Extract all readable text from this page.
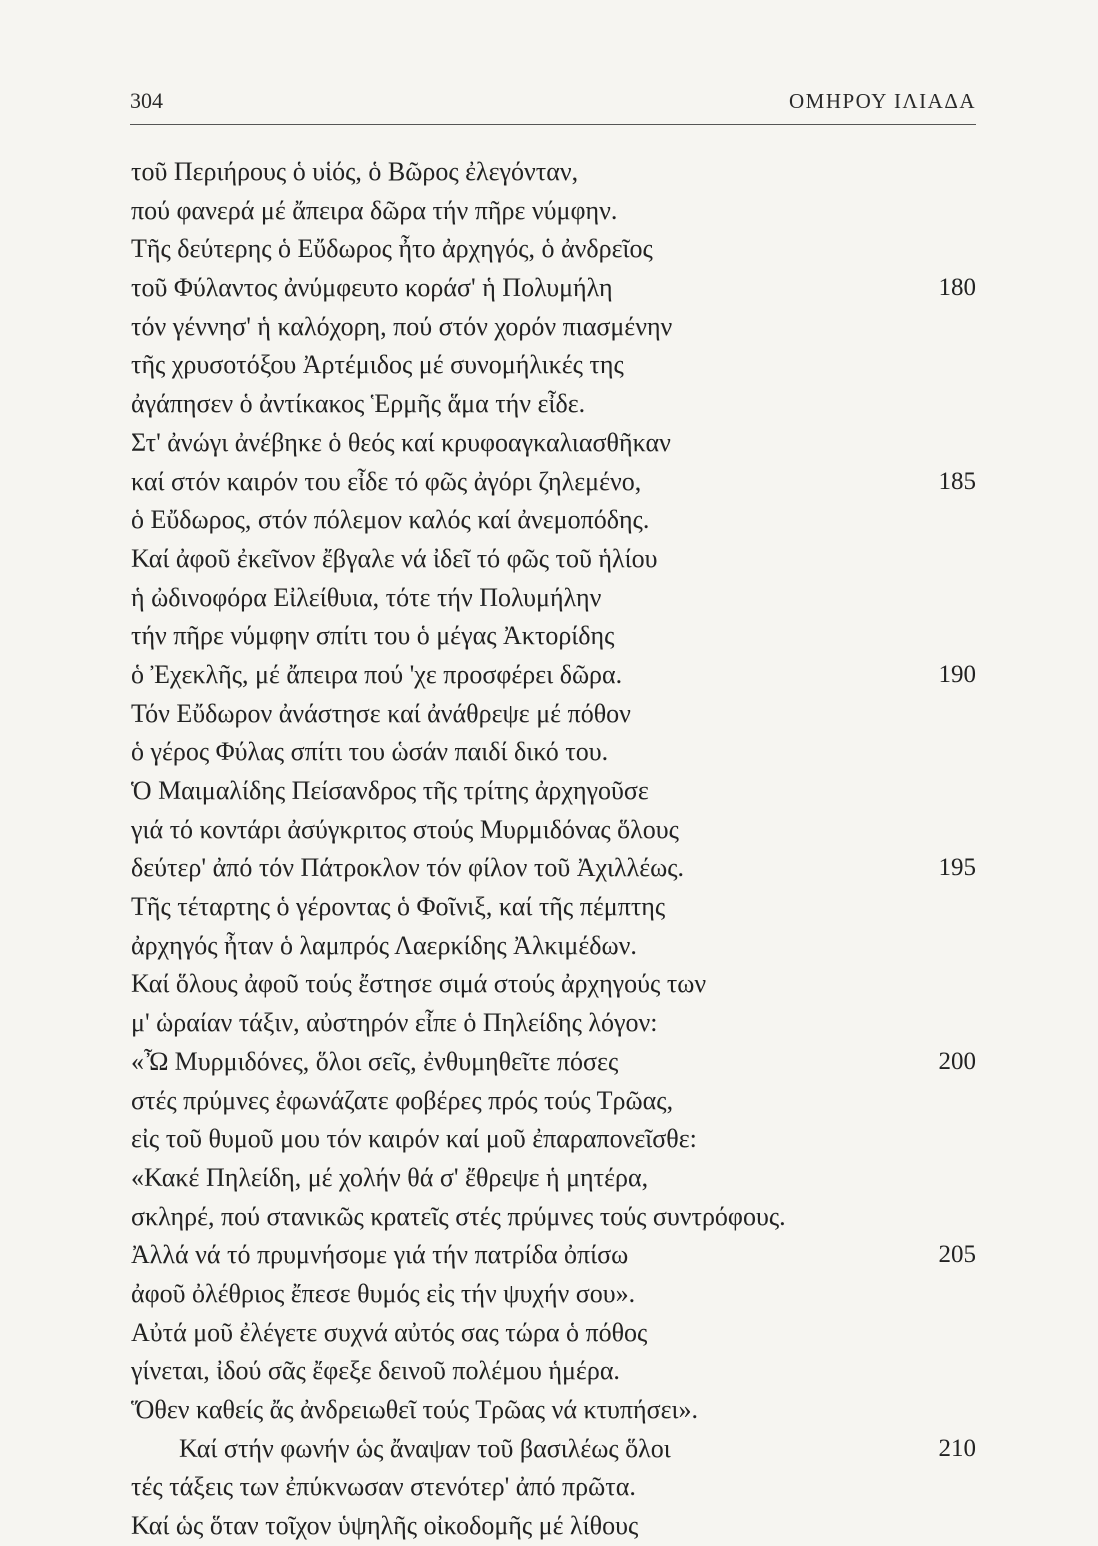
304	ΟΜΗΡΟΥ ΙΛΙΑΔΑ
τοῦ Περιήρους ὁ υἱός, ὁ Βῶρος ἐλεγόνταν,
πού φανερά μέ ἄπειρα δῶρα τήν πῆρε νύμφην.
Τῆς δεύτερης ὁ Εὔδωρος ἦτο ἀρχηγός, ὁ ἀνδρεῖος
τοῦ Φύλαντος ἀνύμφευτο κοράσ' ἡ Πολυμήλη	180
τόν γέννησ' ἡ καλόχορη, πού στόν χορόν πιασμένην
τῆς χρυσοτόξου Ἀρτέμιδος μέ συνομήλικές της
ἀγάπησεν ὁ ἀντίκακος Ἑρμῆς ἅμα τήν εἶδε.
Στ' ἀνώγι ἀνέβηκε ὁ θεός καί κρυφοαγκαλιασθῆκαν
καί στόν καιρόν του εἶδε τό φῶς ἀγόρι ζηλεμένο,	185
ὁ Εὔδωρος, στόν πόλεμον καλός καί ἀνεμοπόδης.
Καί ἀφοῦ ἐκεῖνον ἔβγαλε νά ἰδεῖ τό φῶς τοῦ ἡλίου
ἡ ὠδινοφόρα Εἰλείθυια, τότε τήν Πολυμήλην
τήν πῆρε νύμφην σπίτι του ὁ μέγας Ἀκτορίδης
ὁ Ἐχεκλῆς, μέ ἄπειρα πού 'χε προσφέρει δῶρα.	190
Τόν Εὔδωρον ἀνάστησε καί ἀνάθρεψε μέ πόθον
ὁ γέρος Φύλας σπίτι του ὡσάν παιδί δικό του.
Ὁ Μαιμαλίδης Πείσανδρος τῆς τρίτης ἀρχηγοῦσε
γιά τό κοντάρι ἀσύγκριτος στούς Μυρμιδόνας ὅλους
δεύτερ' ἀπό τόν Πάτροκλον τόν φίλον τοῦ Ἀχιλλέως.	195
Τῆς τέταρτης ὁ γέροντας ὁ Φοῖνιξ, καί τῆς πέμπτης
ἀρχηγός ἦταν ὁ λαμπρός Λαερκίδης Ἀλκιμέδων.
Καί ὅλους ἀφοῦ τούς ἔστησε σιμά στούς ἀρχηγούς των
μ' ὡραίαν τάξιν, αὐστηρόν εἶπε ὁ Πηλείδης λόγον:
«Ὦ Μυρμιδόνες, ὅλοι σεῖς, ἐνθυμηθεῖτε πόσες	200
στές πρύμνες ἐφωνάζατε φοβέρες πρός τούς Τρῶας,
εἰς τοῦ θυμοῦ μου τόν καιρόν καί μοῦ ἐπαραπονεῖσθε:
«Κακέ Πηλείδη, μέ χολήν θά σ' ἔθρεψε ἡ μητέρα,
σκληρέ, πού στανικῶς κρατεῖς στές πρύμνες τούς συντρόφους.
Ἀλλά νά τό πρυμνήσομε γιά τήν πατρίδα ὀπίσω	205
ἀφοῦ ὀλέθριος ἔπεσε θυμός εἰς τήν ψυχήν σου».
Αὐτά μοῦ ἐλέγετε συχνά αὐτός σας τώρα ὁ πόθος
γίνεται, ἰδού σᾶς ἔφεξε δεινοῦ πολέμου ἡμέρα.
Ὅθεν καθείς ἄς ἀνδρειωθεῖ τούς Τρῶας νά κτυπήσει».
Καί στήν φωνήν ὡς ἄναψαν τοῦ βασιλέως ὅλοι	210
τές τάξεις των ἐπύκνωσαν στενότερ' ἀπό πρῶτα.
Καί ὡς ὅταν τοῖχον ὑψηλῆς οἰκοδομῆς μέ λίθους
